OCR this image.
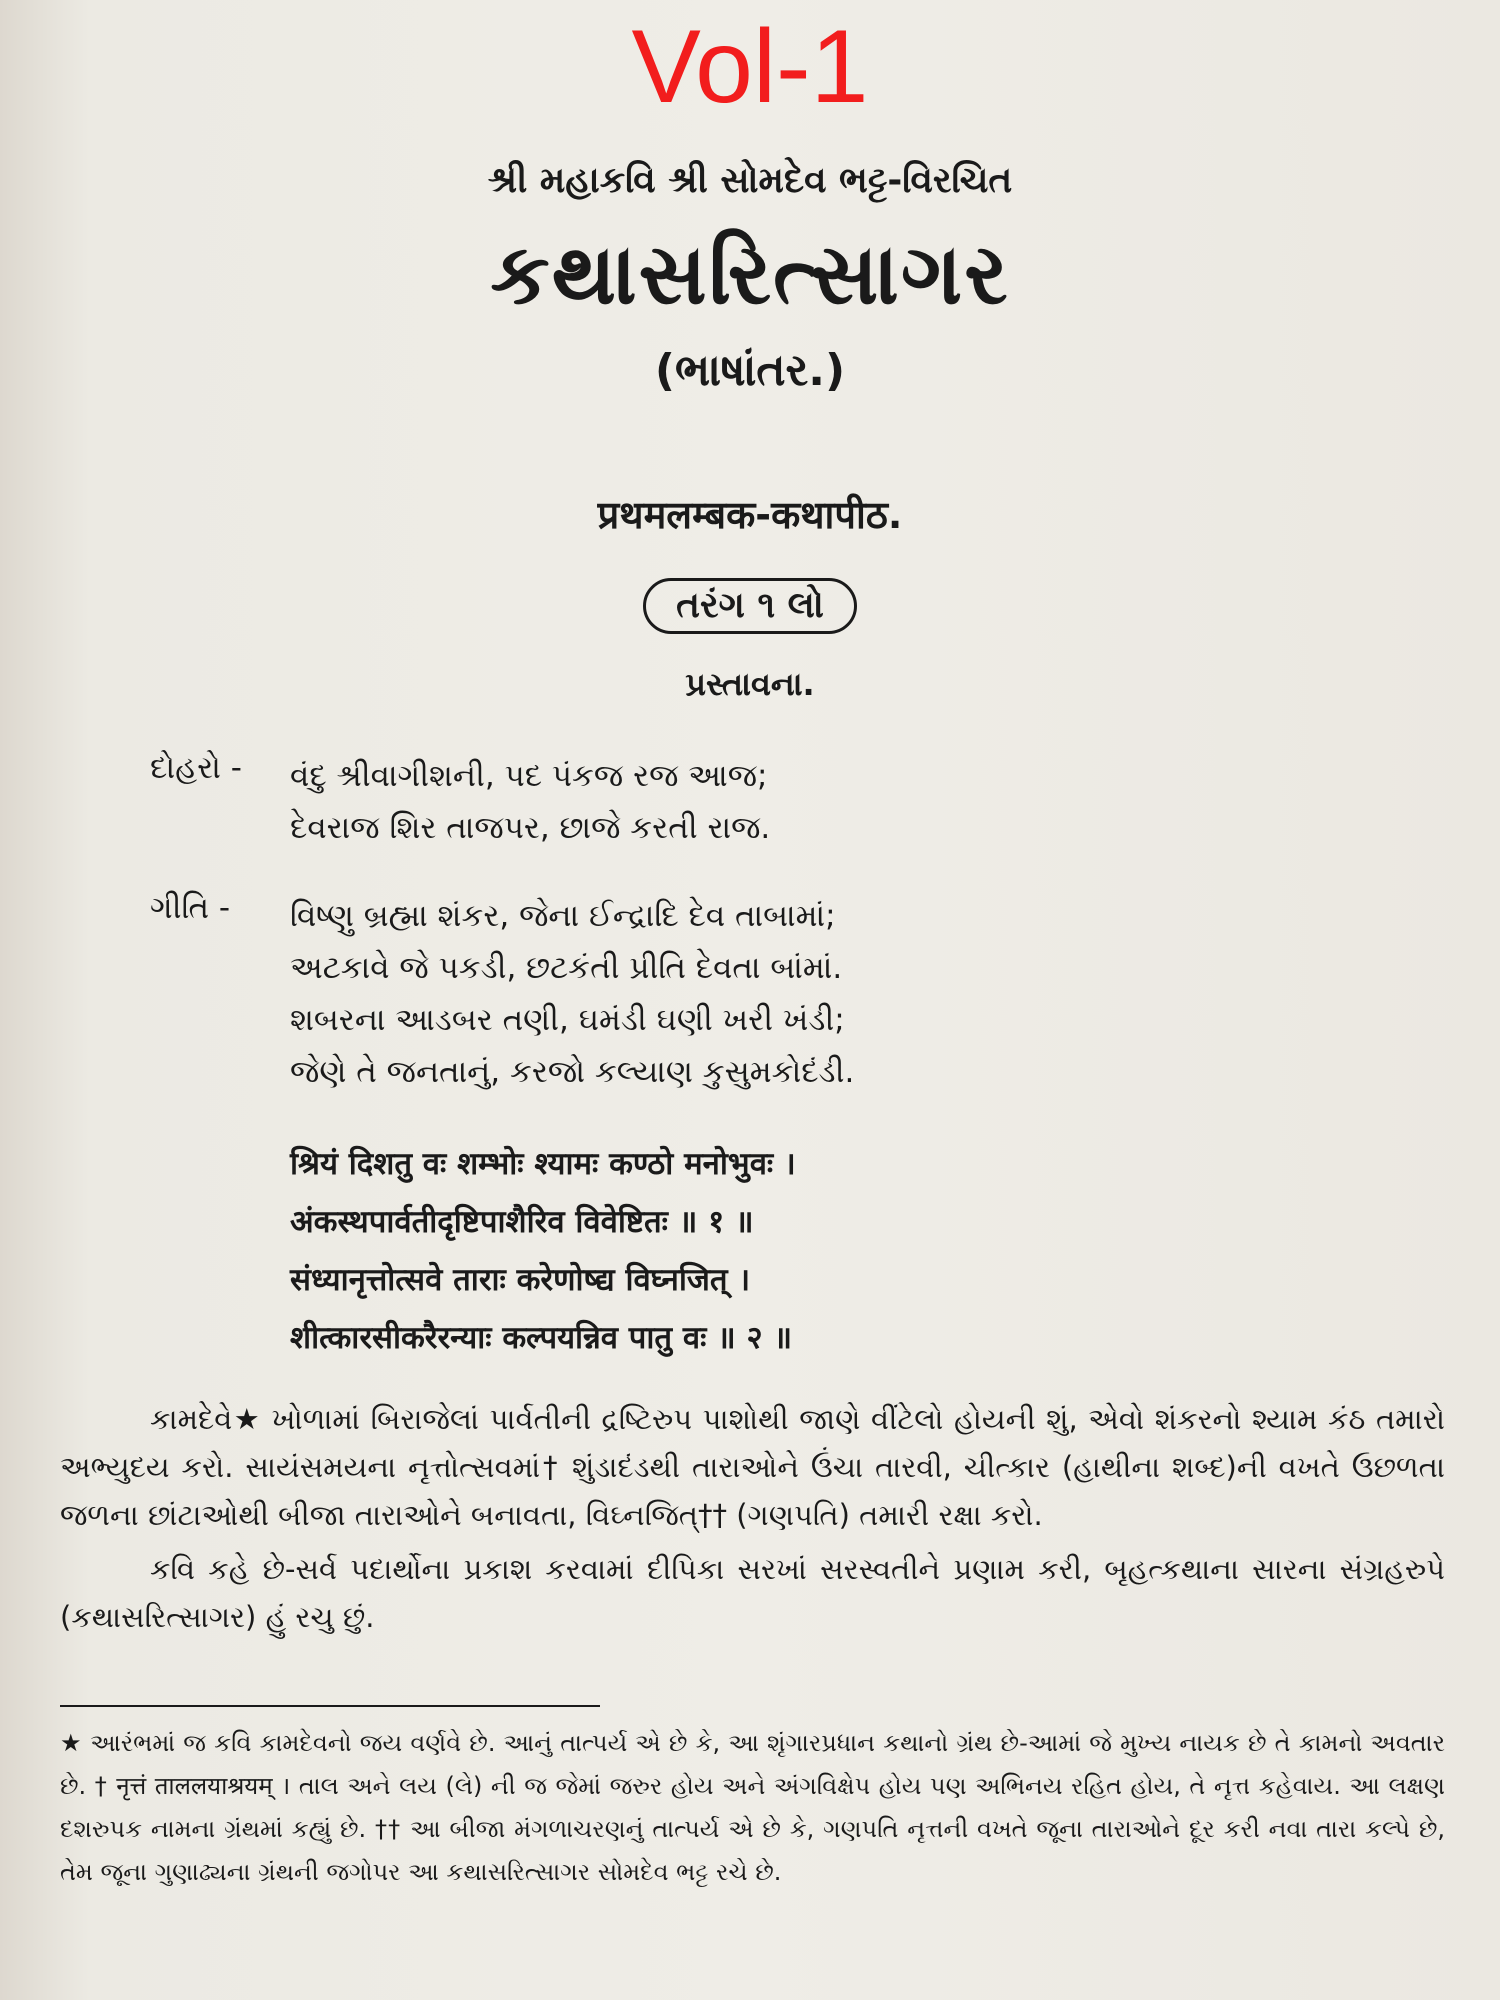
Vol-1
શ્રી મહાકવિ શ્રી સોમદેવ ભટ્ટ-વિરચિત
કથાસરિત્સાગર
(ભાષાંતર.)
प्रथमलम्बक-कथापीठ.
તરંગ ૧ લો
પ્રસ્તાવના.
દોહરો -	વંદુ શ્રીવાગીશની, પદ પંકજ રજ આજ;
દેવરાજ શિર તાજપર, છાજે કરતી રાજ.
ગીતિ -	વિષ્ણુ બ્રહ્મા શંકર, જેના ઈન્દ્રાદિ દેવ તાબામાં;
અટકાવે જે પકડી, છટકંતી પ્રીતિ દેવતા બાંમાં.
શબરના આડબર તણી, ઘમંડી ઘણી ખરી ખંડી;
જેણે તે જનતાનું, કરજો કલ્યાણ કુસુમકોદંડી.
श्रियं दिशतु वः शम्भोः श्यामः कण्ठो मनोभुवः ।
अंकस्थपार्वतीदृष्टिपाशैरिव विवेष्टितः ॥ १ ॥
संध्यानृत्तोत्सवे ताराः करेणोष्द्य विघ्नजित् ।
शीत्कारसीकरैरन्याः कल्पयन्निव पातु वः ॥ २ ॥

કામદેવે★ ખોળામાં બિરાજેલાં પાર્વતીની દ્રષ્ટિરુપ પાશોથી જાણે વીંટેલો હોયની શું, એવો શંકરનો શ્યામ કંઠ તમારો અભ્યુદય કરો. સાયંસમયના નૃત્તોત્સવમાં† શુંડાદંડથી તારાઓને ઉંચા તારવી, ચીત્કાર (હાથીના શબ્દ)ની વખતે ઉછળતા જળના છાંટાઓથી બીજા તારાઓને બનાવતા, વિઘ્નજિત્†† (ગણપતિ) તમારી રક્ષા કરો.

કવિ કહે છે-સર્વ પદાર્થોના પ્રકાશ કરવામાં દીપિકા સરખાં સરસ્વતીને પ્રણામ કરી, બૃહત્કથાના સારના સંગ્રહરુપે (કથાસરિત્સાગર) હું રચુ છું.

★ આરંભમાં જ કવિ કામદેવનો જય વર્ણવે છે. આનું તાત્પર્ય એ છે કે, આ શૃંગારપ્રધાન કથાનો ગ્રંથ છે-આમાં જે મુખ્ય નાયક છે તે કામનો અવતાર છે. † नृत्तं ताललयाश्रयम् । તાલ અને લય (લે) ની જ જેમાં જરુર હોય અને અંગવિક્ષેપ હોય પણ અભિનય રહિત હોય, તે નૃત્ત કહેવાય. આ લક્ષણ દશરુપક નામના ગ્રંથમાં કહ્યું છે. †† આ બીજા મંગળાચરણનું તાત્પર્ય એ છે કે, ગણપતિ નૃત્તની વખતે જૂના તારાઓને દૂર કરી નવા તારા કલ્પે છે, તેમ જૂના ગુણાઢ્યના ગ્રંથની જગોપર આ કથાસરિત્સાગર સોમદેવ ભટ્ટ રચે છે.
